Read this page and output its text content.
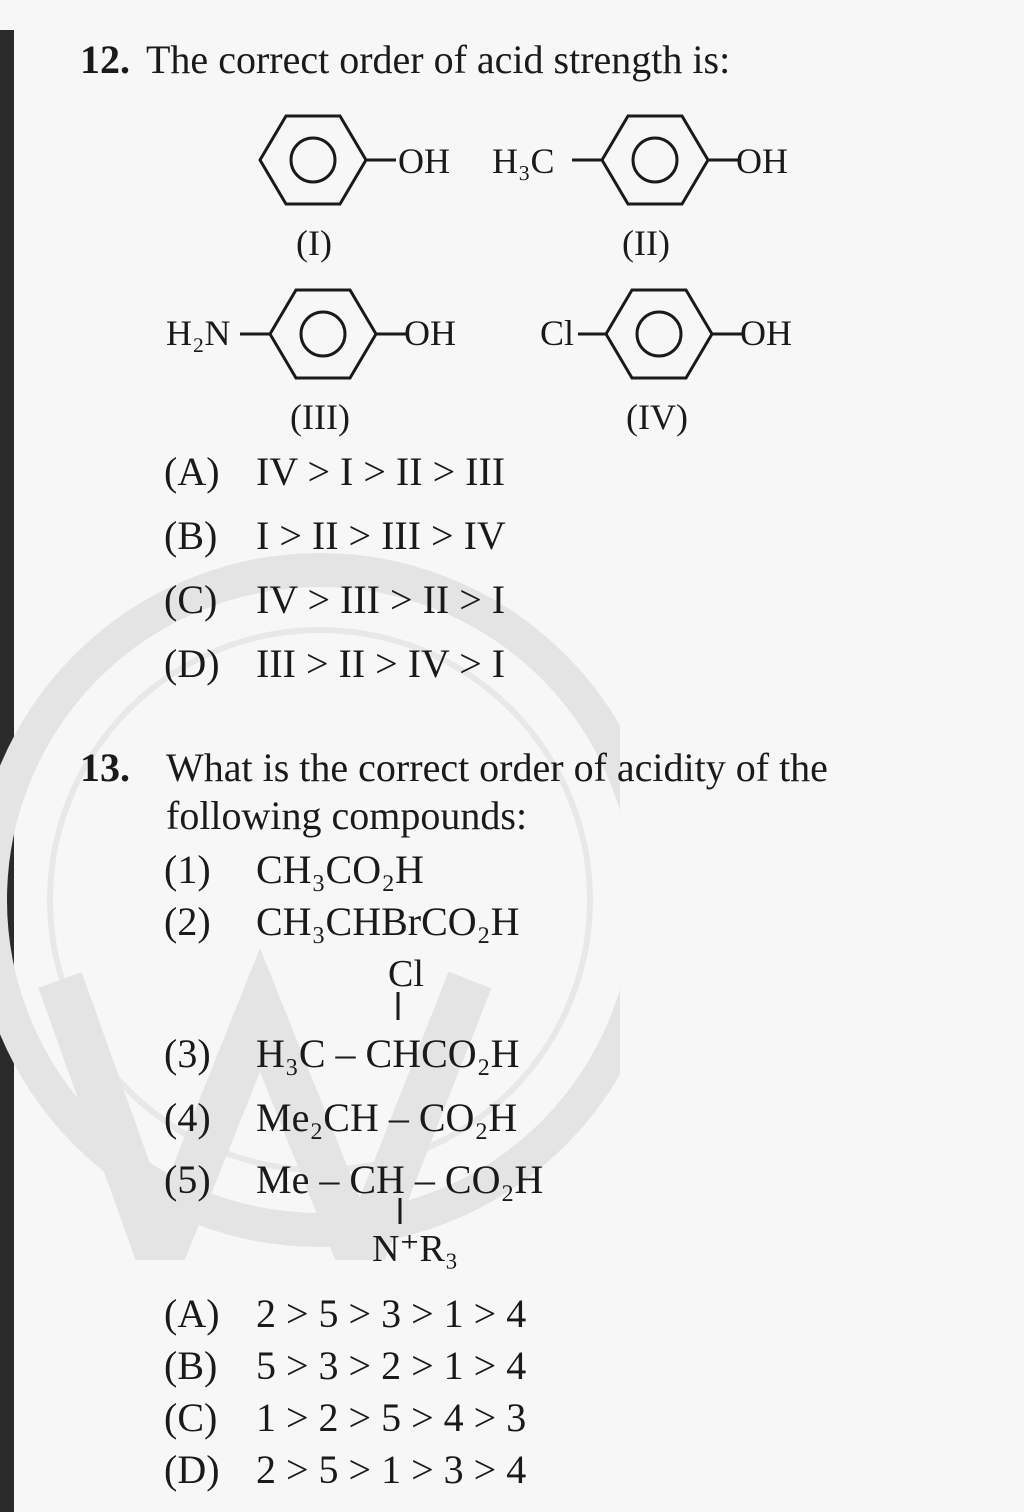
12. The correct order of acid strength is:
OH
(I)
H₃C	OH
(II)
H₂N	OH
(III)
Cl	OH
(IV)
(A) IV > I > II > III
(B) I > II > III > IV
(C) IV > III > II > I
(D) III > II > IV > I
13. What is the correct order of acidity of the following compounds:
(1) CH₃CO₂H
(2) CH₃CHBrCO₂H
Cl
(3) H₃C – CHCO₂H
(4) Me₂CH – CO₂H
(5) Me – CH – CO₂H
N⁺R₃
(A) 2 > 5 > 3 > 1 > 4
(B) 5 > 3 > 2 > 1 > 4
(C) 1 > 2 > 5 > 4 > 3
(D) 2 > 5 > 1 > 3 > 4
